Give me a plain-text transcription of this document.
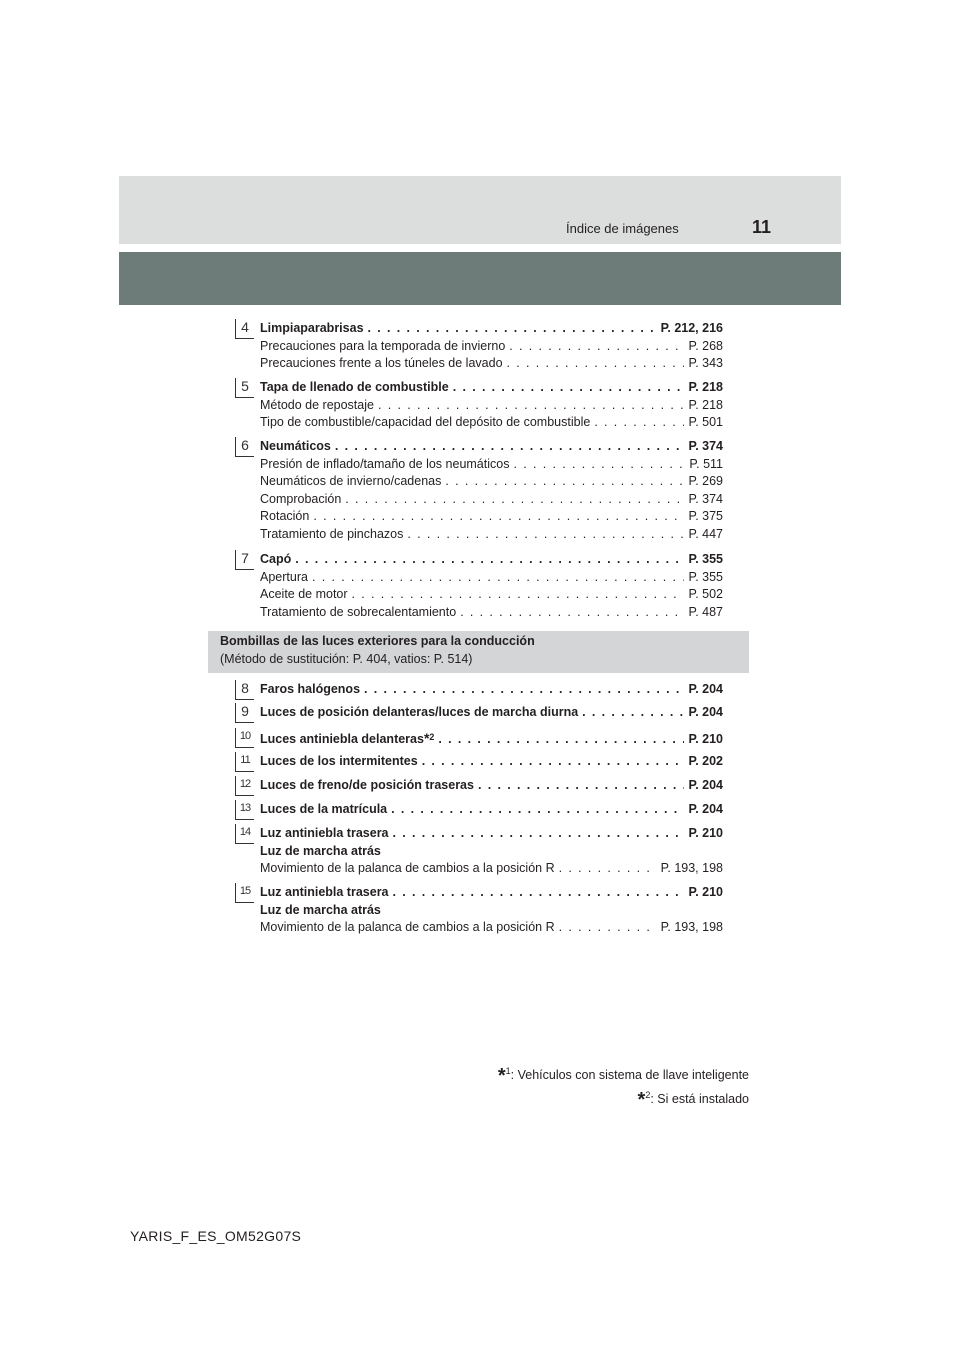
Índice de imágenes	11
4 Limpiaparabrisas . . .	P. 212, 216
Precauciones para la temporada de invierno . . .	P. 268
Precauciones frente a los túneles de lavado . . .	P. 343
5 Tapa de llenado de combustible . . .	P. 218
Método de repostaje . . .	P. 218
Tipo de combustible/capacidad del depósito de combustible . . .	P. 501
6 Neumáticos . . .	P. 374
Presión de inflado/tamaño de los neumáticos . . .	P. 511
Neumáticos de invierno/cadenas . . .	P. 269
Comprobación . . .	P. 374
Rotación . . .	P. 375
Tratamiento de pinchazos . . .	P. 447
7 Capó . . .	P. 355
Apertura . . .	P. 355
Aceite de motor . . .	P. 502
Tratamiento de sobrecalentamiento . . .	P. 487
Bombillas de las luces exteriores para la conducción
(Método de sustitución: P. 404, vatios: P. 514)
8 Faros halógenos . . .	P. 204
9 Luces de posición delanteras/luces de marcha diurna . . .	P. 204
10 Luces antiniebla delanteras *$^2$ . . .	P. 210
11 Luces de los intermitentes . . .	P. 202
12 Luces de freno/de posición traseras . . .	P. 204
13 Luces de la matrícula . . .	P. 204
14 Luz antiniebla trasera . . .	P. 210
Luz de marcha atrás
Movimiento de la palanca de cambios a la posición R . . .	P. 193, 198
15 Luz antiniebla trasera . . .	P. 210
Luz de marcha atrás
Movimiento de la palanca de cambios a la posición R . . .	P. 193, 198
*$^1$: Vehículos con sistema de llave inteligente
*$^2$: Si está instalado
YARIS_F_ES_OM52G07S
